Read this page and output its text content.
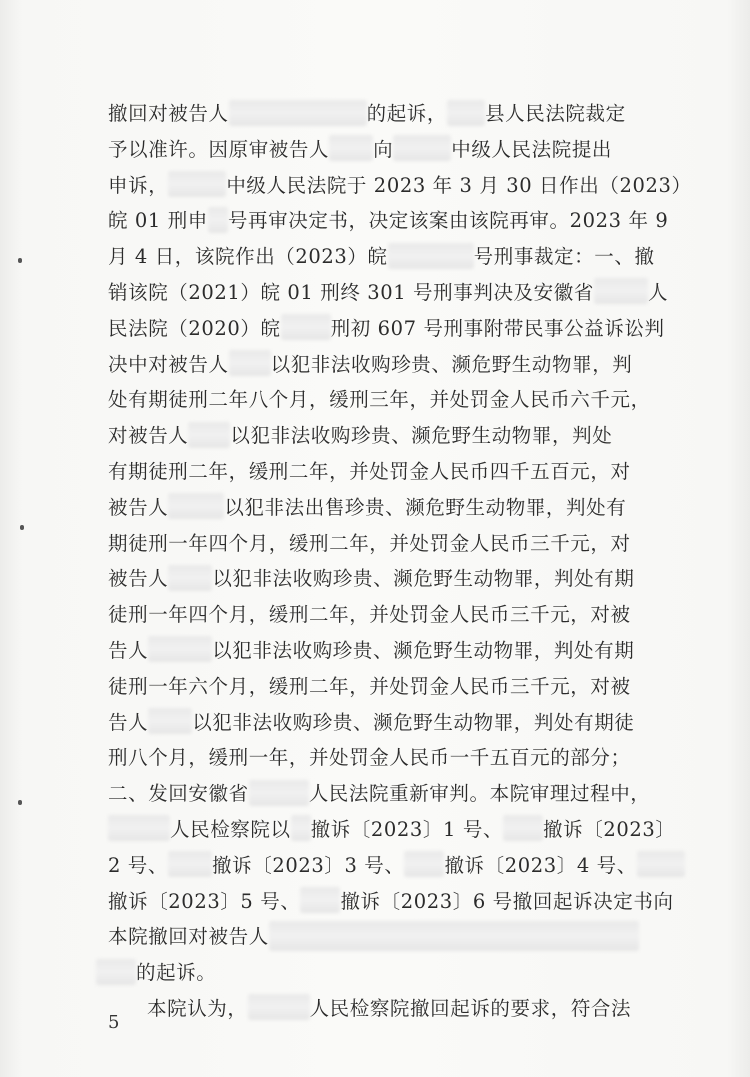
撤回对被告人	的起诉， 县人民法院裁定
予以准许。因原审被告人 向	中级人民法院提出
申诉，	中级人民法院于 2023 年 3 月 30 日作出（2023）
皖 01 刑申 号再审决定书，决定该案由该院再审。2023 年 9
月 4 日，该院作出（2023）皖	号刑事裁定：一、撤
销该院（2021）皖 01 刑终 301 号刑事判决及安徽省	人
民法院（2020）皖	刑初 607 号刑事附带民事公益诉讼判
决中对被告人 以犯非法收购珍贵、濒危野生动物罪，判
处有期徒刑二年八个月，缓刑三年，并处罚金人民币六千元，
对被告人 以犯非法收购珍贵、濒危野生动物罪，判处
有期徒刑二年，缓刑二年，并处罚金人民币四千五百元，对
被告人	以犯非法出售珍贵、濒危野生动物罪，判处有
期徒刑一年四个月，缓刑二年，并处罚金人民币三千元，对
被告人 以犯非法收购珍贵、濒危野生动物罪，判处有期
徒刑一年四个月，缓刑二年，并处罚金人民币三千元，对被
告人	以犯非法收购珍贵、濒危野生动物罪，判处有期
徒刑一年六个月，缓刑二年，并处罚金人民币三千元，对被
告人 以犯非法收购珍贵、濒危野生动物罪，判处有期徒
刑八个月，缓刑一年，并处罚金人民币一千五百元的部分；
二、发回安徽省	人民法院重新审判。本院审理过程中，
人民检察院以 撤诉〔2023〕1 号、 撤诉〔2023〕
2 号、 撤诉〔2023〕3 号、 撤诉〔2023〕4 号、
撤诉〔2023〕5 号、 撤诉〔2023〕6 号撤回起诉决定书向
本院撤回对被告人
的起诉。
本院认为，	人民检察院撤回起诉的要求，符合法
5
